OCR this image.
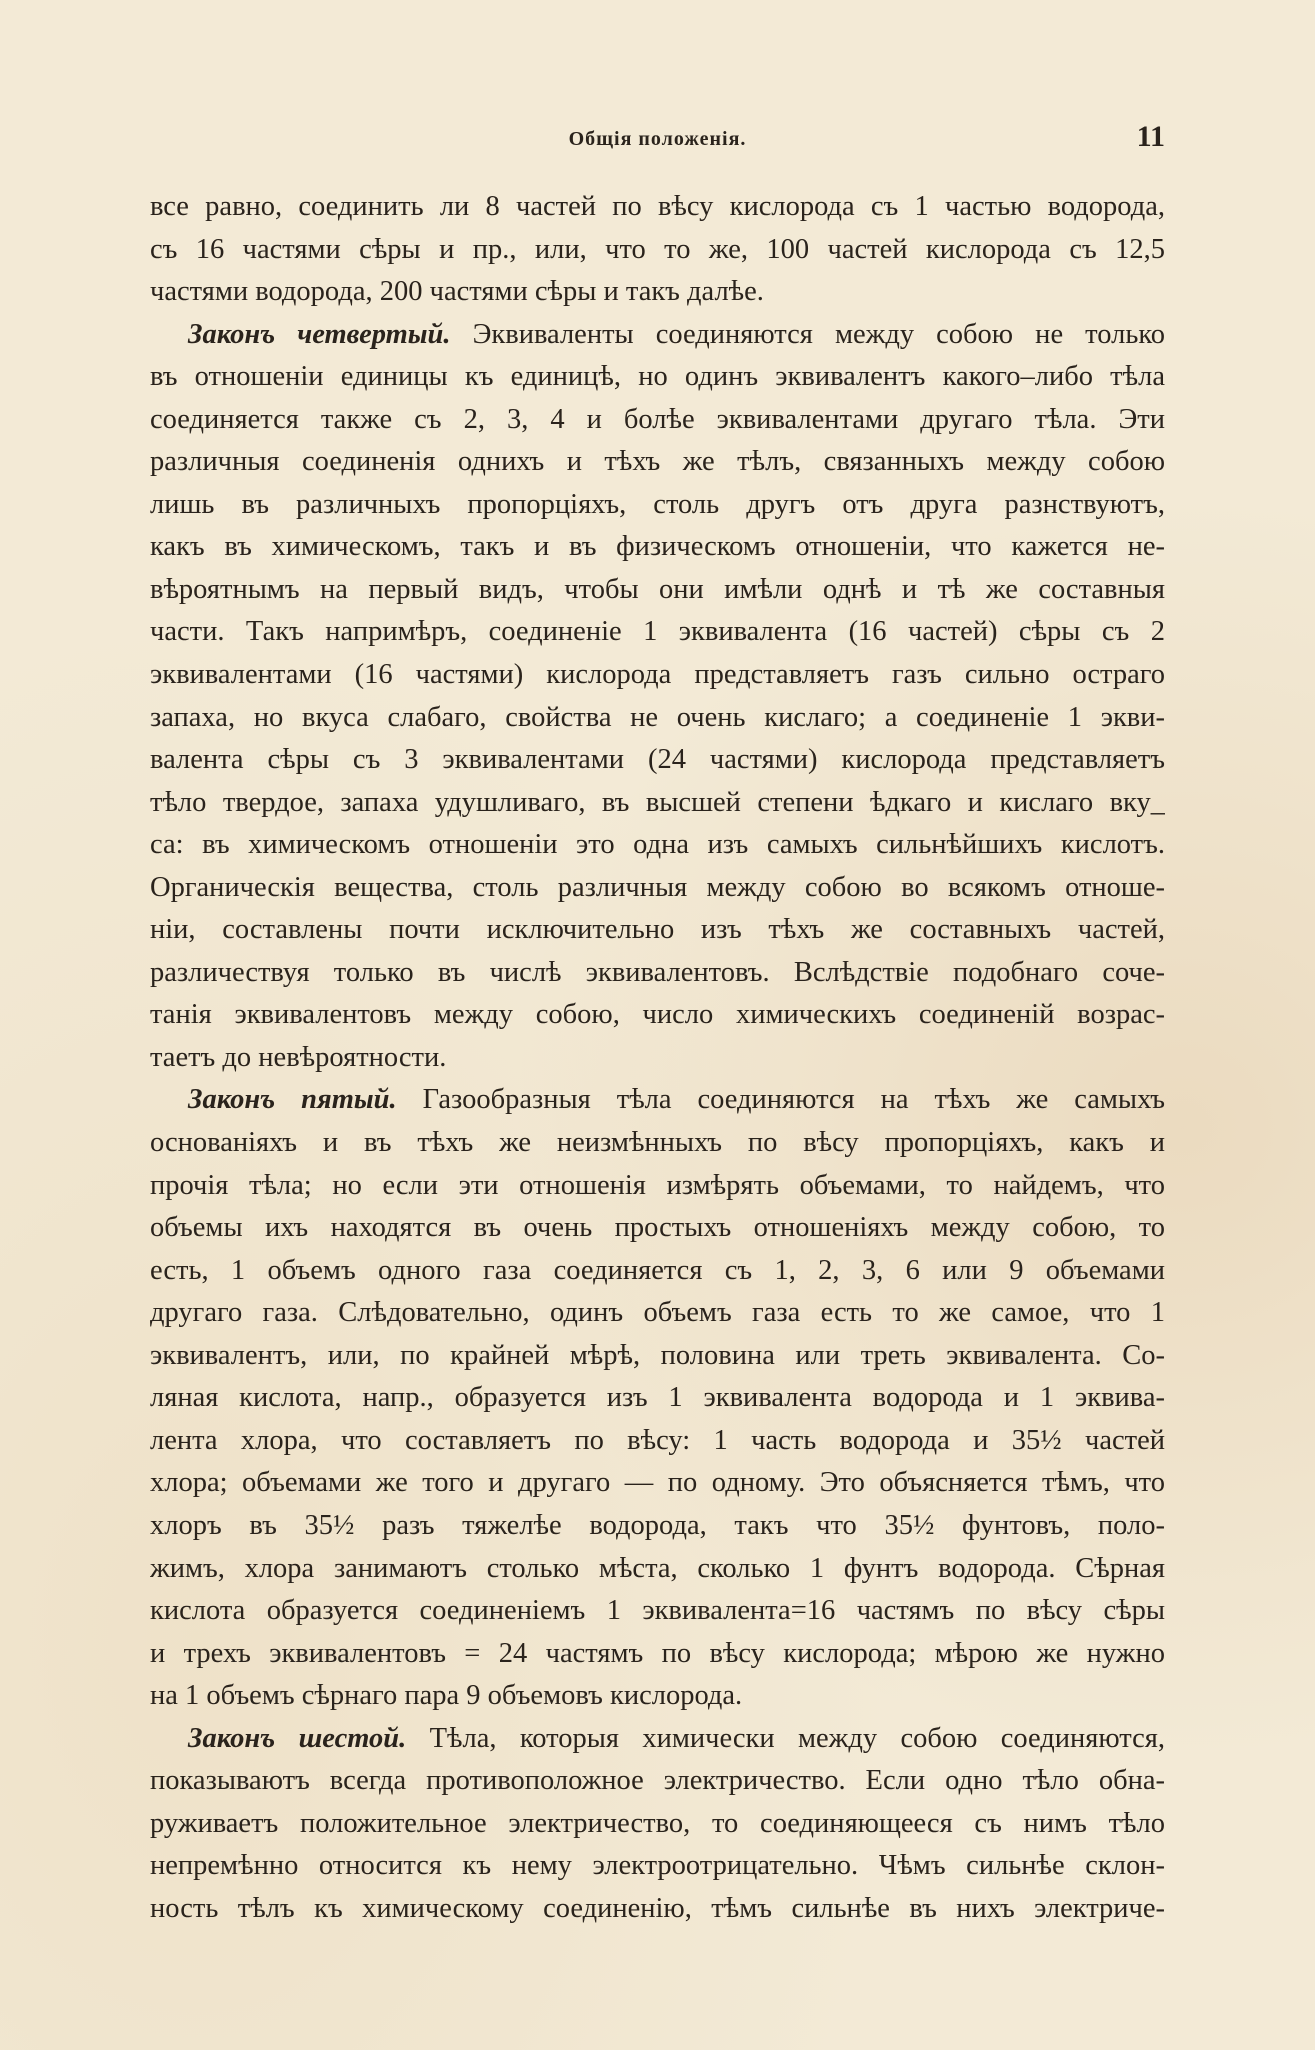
Общія положенія.	11
все равно, соединить ли 8 частей по вѣсу кислорода съ 1 частью водорода,
съ 16 частями сѣры и пр., или, что то же, 100 частей кислорода съ 12,5
частями водорода, 200 частями сѣры и такъ далѣе.
Законъ четвертый. Эквиваленты соединяются между собою не только
въ отношеніи единицы къ единицѣ, но одинъ эквивалентъ какого–либо тѣла
соединяется также съ 2, 3, 4 и болѣе эквивалентами другаго тѣла. Эти
различныя соединенія однихъ и тѣхъ же тѣлъ, связанныхъ между собою
лишь въ различныхъ пропорціяхъ, столь другъ отъ друга разнствуютъ,
какъ въ химическомъ, такъ и въ физическомъ отношеніи, что кажется не-
вѣроятнымъ на первый видъ, чтобы они имѣли однѣ и тѣ же составныя
части. Такъ напримѣръ, соединеніе 1 эквивалента (16 частей) сѣры съ 2
эквивалентами (16 частями) кислорода представляетъ газъ сильно остраго
запаха, но вкуса слабаго, свойства не очень кислаго; а соединеніе 1 экви-
валента сѣры съ 3 эквивалентами (24 частями) кислорода представляетъ
тѣло твердое, запаха удушливаго, въ высшей степени ѣдкаго и кислаго вку_
са: въ химическомъ отношеніи это одна изъ самыхъ сильнѣйшихъ кислотъ.
Органическія вещества, столь различныя между собою во всякомъ отноше-
ніи, составлены почти исключительно изъ тѣхъ же составныхъ частей,
различествуя только въ числѣ эквивалентовъ. Вслѣдствіе подобнаго соче-
танія эквивалентовъ между собою, число химическихъ соединеній возрас-
таетъ до невѣроятности.
Законъ пятый. Газообразныя тѣла соединяются на тѣхъ же самыхъ
основаніяхъ и въ тѣхъ же неизмѣнныхъ по вѣсу пропорціяхъ, какъ и
прочія тѣла; но если эти отношенія измѣрять объемами, то найдемъ, что
объемы ихъ находятся въ очень простыхъ отношеніяхъ между собою, то
есть, 1 объемъ одного газа соединяется съ 1, 2, 3, 6 или 9 объемами
другаго газа. Слѣдовательно, одинъ объемъ газа есть то же самое, что 1
эквивалентъ, или, по крайней мѣрѣ, половина или треть эквивалента. Со-
ляная кислота, напр., образуется изъ 1 эквивалента водорода и 1 эквива-
лента хлора, что составляетъ по вѣсу: 1 часть водорода и 35½ частей
хлора; объемами же того и другаго — по одному. Это объясняется тѣмъ, что
хлоръ въ 35½ разъ тяжелѣе водорода, такъ что 35½ фунтовъ, поло-
жимъ, хлора занимаютъ столько мѣста, сколько 1 фунтъ водорода. Сѣрная
кислота образуется соединеніемъ 1 эквивалента=16 частямъ по вѣсу сѣры
и трехъ эквивалентовъ = 24 частямъ по вѣсу кислорода; мѣрою же нужно
на 1 объемъ сѣрнаго пара 9 объемовъ кислорода.
Законъ шестой. Тѣла, которыя химически между собою соединяются,
показываютъ всегда противоположное электричество. Если одно тѣло обна-
руживаетъ положительное электричество, то соединяющееся съ нимъ тѣло
непремѣнно относится къ нему электроотрицательно. Чѣмъ сильнѣе склон-
ность тѣлъ къ химическому соединенію, тѣмъ сильнѣе въ нихъ электриче-
